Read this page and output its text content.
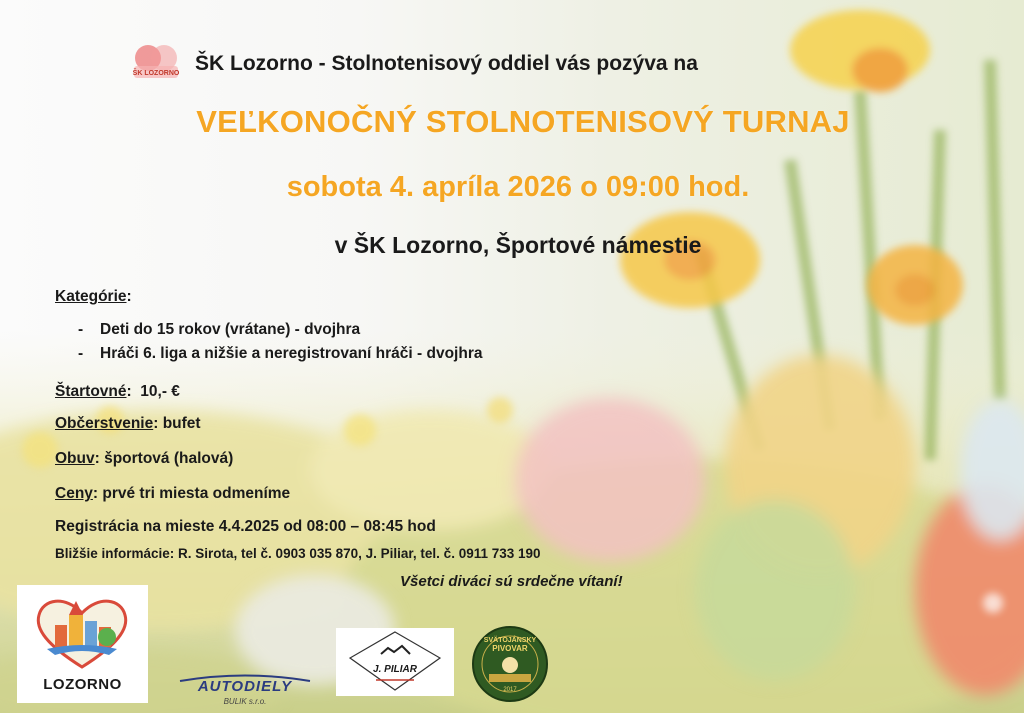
ŠK LOZORNO ŠK Lozorno - Stolnotenisový oddiel vás pozýva na
VEĽKONOČNÝ STOLNOTENISOVÝ TURNAJ
sobota 4. apríla 2026 o 09:00 hod.
v ŠK Lozorno, Športové námestie
Kategórie:
- Deti do 15 rokov (vrátane) - dvojhra
- Hráči 6. liga a nižšie a neregistrovaní hráči - dvojhra
Štartovné:  10,- €
Občerstvenie: bufet
Obuv: športová (halová)
Ceny: prvé tri miesta odmeníme
Registrácia na mieste 4.4.2025 od 08:00 – 08:45 hod
Bližšie informácie: R. Sirota, tel č. 0903 035 870, J. Piliar, tel. č. 0911 733 190
Všetci diváci sú srdečne vítaní!
LOZORNO	AUTODIELY
BULIK s.r.o.
J. PILIAR
SVÄTOJÁNSKY
PIVOVAR
2017
